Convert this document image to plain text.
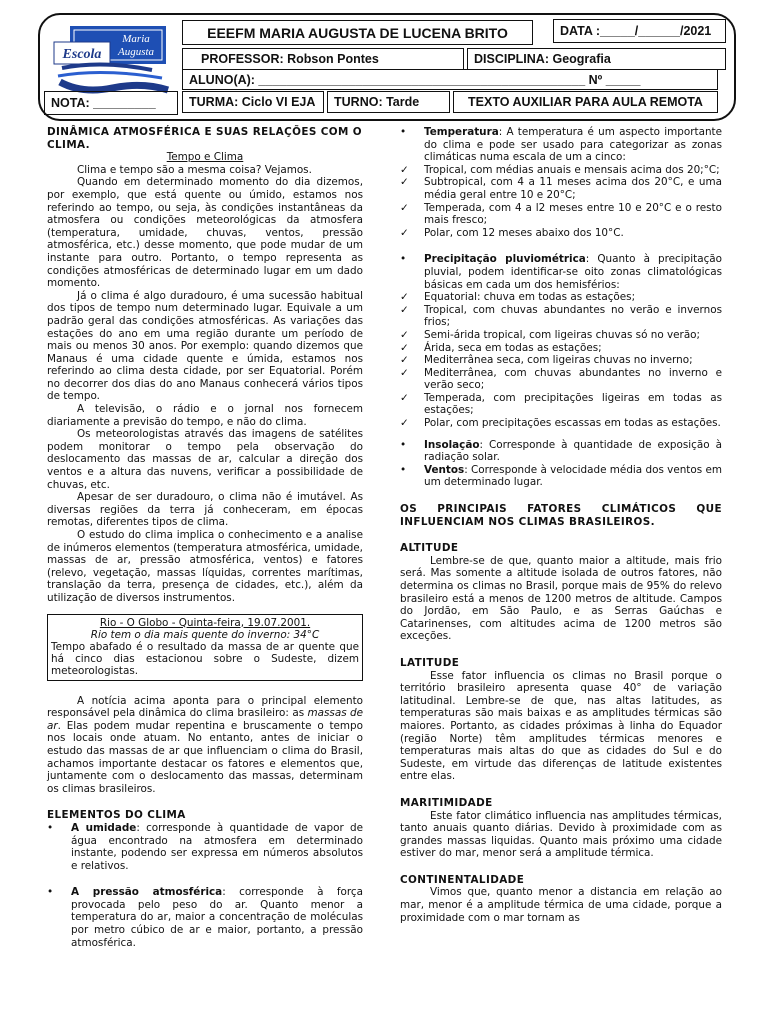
Maria
Augusta
Escola
EEEFM MARIA AUGUSTA DE LUCENA BRITO	DATA :_____/______/2021
PROFESSOR: Robson Pontes	DISCIPLINA: Geografia
ALUNO(A): _______________________________________________ Nº _____
NOTA: _________	TURMA: Ciclo VI EJA	TURNO: Tarde	TEXTO AUXILIAR PARA AULA REMOTA

DINÂMICA ATMOSFÉRICA E SUAS RELAÇÕES COM O CLIMA.

Tempo e Clima

Clima e tempo são a mesma coisa? Vejamos.

Quando em determinado momento do dia dizemos, por exemplo, que está quente ou úmido, estamos nos referindo ao tempo, ou seja, às condições instantâneas da atmosfera ou condições meteorológicas da atmosfera (temperatura, umidade, chuvas, ventos, pressão atmosférica, etc.) desse momento, que pode mudar de um instante para outro. Portanto, o tempo representa as condições atmosféricas de determinado lugar em um dado momento.

Já o clima é algo duradouro, é uma sucessão habitual dos tipos de tempo num determinado lugar. Equivale a um padrão geral das condições atmosféricas. As variações das estações do ano em uma região durante um período de mais ou menos 30 anos. Por exemplo: quando dizemos que Manaus é uma cidade quente e úmida, estamos nos referindo ao clima desta cidade, por ser Equatorial. Porém no decorrer dos dias do ano Manaus conhecerá vários tipos de tempo.

A televisão, o rádio e o jornal nos fornecem diariamente a previsão do tempo, e não do clima.

Os meteorologistas através das imagens de satélites podem monitorar o tempo pela observação do deslocamento das massas de ar, calcular a direção dos ventos e a altura das nuvens, verificar a possibilidade de chuvas, etc.

Apesar de ser duradouro, o clima não é imutável. As diversas regiões da terra já conheceram, em épocas remotas, diferentes tipos de clima.

O estudo do clima implica o conhecimento e a analise de inúmeros elementos (temperatura atmosférica, umidade, massas de ar, pressão atmosférica, ventos) e fatores (relevo, vegetação, massas líquidas, correntes marítimas, translação da terra, presença de cidades, etc.), além da utilização de diversos instrumentos.

Rio - O Globo - Quinta-feira, 19.07.2001.
Rio tem o dia mais quente do inverno: 34°C

Tempo abafado é o resultado da massa de ar quente que há cinco dias estacionou sobre o Sudeste, dizem meteorologistas.

A notícia acima aponta para o principal elemento responsável pela dinâmica do clima brasileiro: as massas de ar. Elas podem mudar repentina e bruscamente o tempo nos locais onde atuam. No entanto, antes de iniciar o estudo das massas de ar que influenciam o clima do Brasil, achamos importante destacar os fatores e elementos que, juntamente com o deslocamento das massas, determinam os climas brasileiros.

ELEMENTOS DO CLIMA

•	A umidade: corresponde à quantidade de vapor de água encontrado na atmosfera em determinado instante, podendo ser expressa em números absolutos e relativos.
•	A pressão atmosférica: corresponde à força provocada pelo peso do ar. Quanto menor a temperatura do ar, maior a concentração de moléculas por metro cúbico de ar e maior, portanto, a pressão atmosférica.
•	Temperatura: A temperatura é um aspecto importante do clima e pode ser usado para categorizar as zonas climáticas numa escala de um a cinco:
✓	Tropical, com médias anuais e mensais acima dos 20;°C;
✓	Subtropical, com 4 a 11 meses acima dos 20°C, e uma média geral entre 10 e 20°C;
✓	Temperada, com 4 a l2 meses entre 10 e 20°C e o resto mais fresco;
✓	Polar, com 12 meses abaixo dos 10°C.
•	Precipitação pluviométrica: Quanto à precipitação pluvial, podem identificar-se oito zonas climatológicas básicas em cada um dos hemisférios:
✓	Equatorial: chuva em todas as estações;
✓	Tropical, com chuvas abundantes no verão e invernos frios;
✓	Semi-árida tropical, com ligeiras chuvas só no verão;
✓	Árida, seca em todas as estações;
✓	Mediterrânea seca, com ligeiras chuvas no inverno;
✓	Mediterrânea, com chuvas abundantes no inverno e verão seco;
✓	Temperada, com precipitações ligeiras em todas as estações;
✓	Polar, com precipitações escassas em todas as estações.
•	Insolação: Corresponde à quantidade de exposição à radiação solar.
•	Ventos: Corresponde à velocidade média dos ventos em um determinado lugar.

OS PRINCIPAIS FATORES CLIMÁTICOS QUE INFLUENCIAM NOS CLIMAS BRASILEIROS.

ALTITUDE

Lembre-se de que, quanto maior a altitude, mais frio será. Mas somente a altitude isolada de outros fatores, não determina os climas no Brasil, porque mais de 95% do relevo brasileiro está a menos de 1200 metros de altitude. Campos do Jordão, em São Paulo, e as Serras Gaúchas e Catarinenses, com altitudes acima de 1200 metros são exceções.

LATITUDE

Esse fator influencia os climas no Brasil porque o território brasileiro apresenta quase 40° de variação latitudinal. Lembre-se de que, nas altas latitudes, as temperaturas são mais baixas e as amplitudes térmicas são maiores. Portanto, as cidades próximas à linha do Equador (região Norte) têm amplitudes térmicas menores e temperaturas mais altas do que as cidades do Sul e do Sudeste, em virtude das diferenças de latitude existentes entre elas.

MARITIMIDADE

Este fator climático influencia nas amplitudes térmicas, tanto anuais quanto diárias. Devido à proximidade com as grandes massas liquidas. Quanto mais próximo uma cidade estiver do mar, menor será a amplitude térmica.

CONTINENTALIDADE

Vimos que, quanto menor a distancia em relação ao mar, menor é a amplitude térmica de uma cidade, porque a proximidade com o mar tornam as
